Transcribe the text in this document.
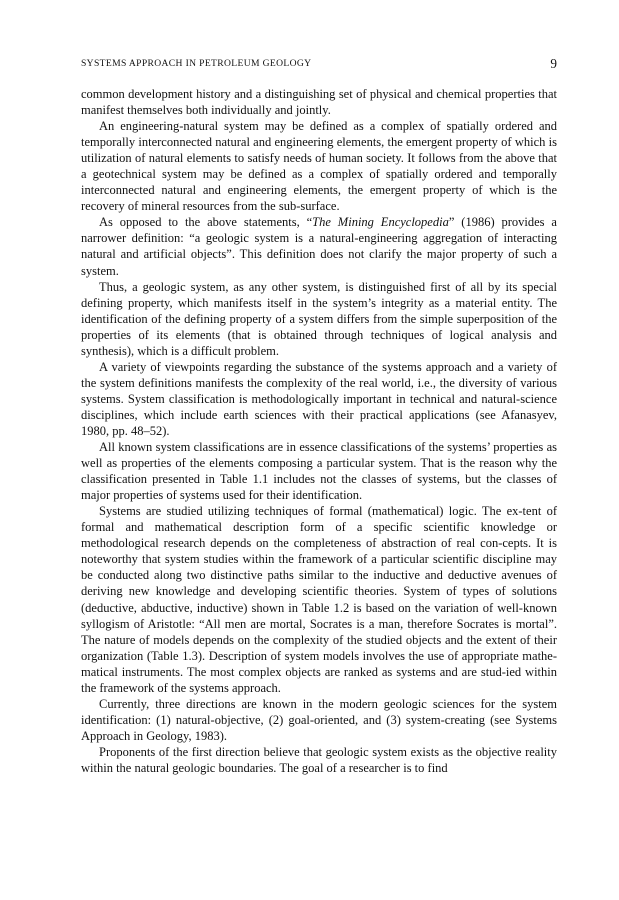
SYSTEMS APPROACH IN PETROLEUM GEOLOGY	9

common development history and a distinguishing set of physical and chemical properties that manifest themselves both individually and jointly.

An engineering-natural system may be defined as a complex of spatially ordered and temporally interconnected natural and engineering elements, the emergent property of which is utilization of natural elements to satisfy needs of human society. It follows from the above that a geotechnical system may be defined as a complex of spatially ordered and temporally interconnected natural and engineering elements, the emergent property of which is the recovery of mineral resources from the sub-surface.

As opposed to the above statements, “The Mining Encyclopedia” (1986) provides a narrower definition: “a geologic system is a natural-engineering aggregation of interacting natural and artificial objects”. This definition does not clarify the major property of such a system.

Thus, a geologic system, as any other system, is distinguished first of all by its special defining property, which manifests itself in the system’s integrity as a material entity. The identification of the defining property of a system differs from the simple superposition of the properties of its elements (that is obtained through techniques of logical analysis and synthesis), which is a difficult problem.

A variety of viewpoints regarding the substance of the systems approach and a variety of the system definitions manifests the complexity of the real world, i.e., the diversity of various systems. System classification is methodologically important in technical and natural-science disciplines, which include earth sciences with their practical applications (see Afanasyev, 1980, pp. 48–52).

All known system classifications are in essence classifications of the systems’ properties as well as properties of the elements composing a particular system. That is the reason why the classification presented in Table 1.1 includes not the classes of systems, but the classes of major properties of systems used for their identification.

Systems are studied utilizing techniques of formal (mathematical) logic. The ex-tent of formal and mathematical description form of a specific scientific knowledge or methodological research depends on the completeness of abstraction of real con-cepts. It is noteworthy that system studies within the framework of a particular scientific discipline may be conducted along two distinctive paths similar to the inductive and deductive avenues of deriving new knowledge and developing scientific theories. System of types of solutions (deductive, abductive, inductive) shown in Table 1.2 is based on the variation of well-known syllogism of Aristotle: “All men are mortal, Socrates is a man, therefore Socrates is mortal”. The nature of models depends on the complexity of the studied objects and the extent of their organization (Table 1.3). Description of system models involves the use of appropriate mathe-matical instruments. The most complex objects are ranked as systems and are stud-ied within the framework of the systems approach.

Currently, three directions are known in the modern geologic sciences for the system identification: (1) natural-objective, (2) goal-oriented, and (3) system-creating (see Systems Approach in Geology, 1983).

Proponents of the first direction believe that geologic system exists as the objective reality within the natural geologic boundaries. The goal of a researcher is to find
